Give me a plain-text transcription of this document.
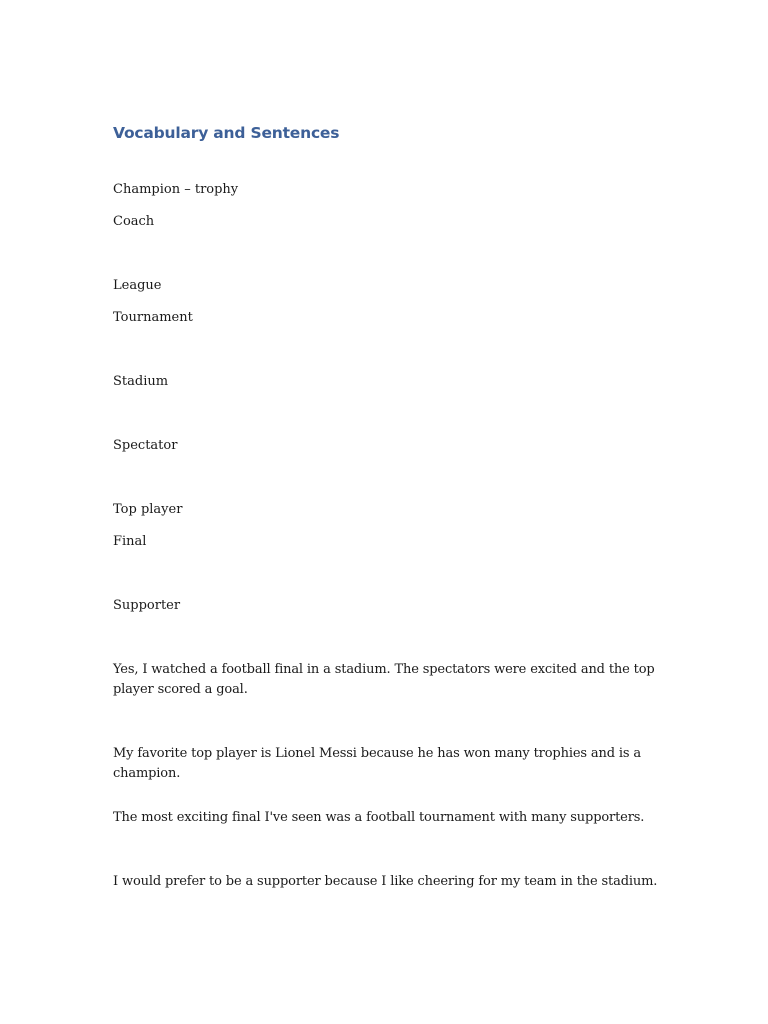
Vocabulary and Sentences

Champion – trophy

Coach

League

Tournament

Stadium

Spectator

Top player

Final

Supporter

Yes, I watched a football final in a stadium. The spectators were excited and the top player scored a goal.

My favorite top player is Lionel Messi because he has won many trophies and is a champion.

The most exciting final I've seen was a football tournament with many supporters.

I would prefer to be a supporter because I like cheering for my team in the stadium.
